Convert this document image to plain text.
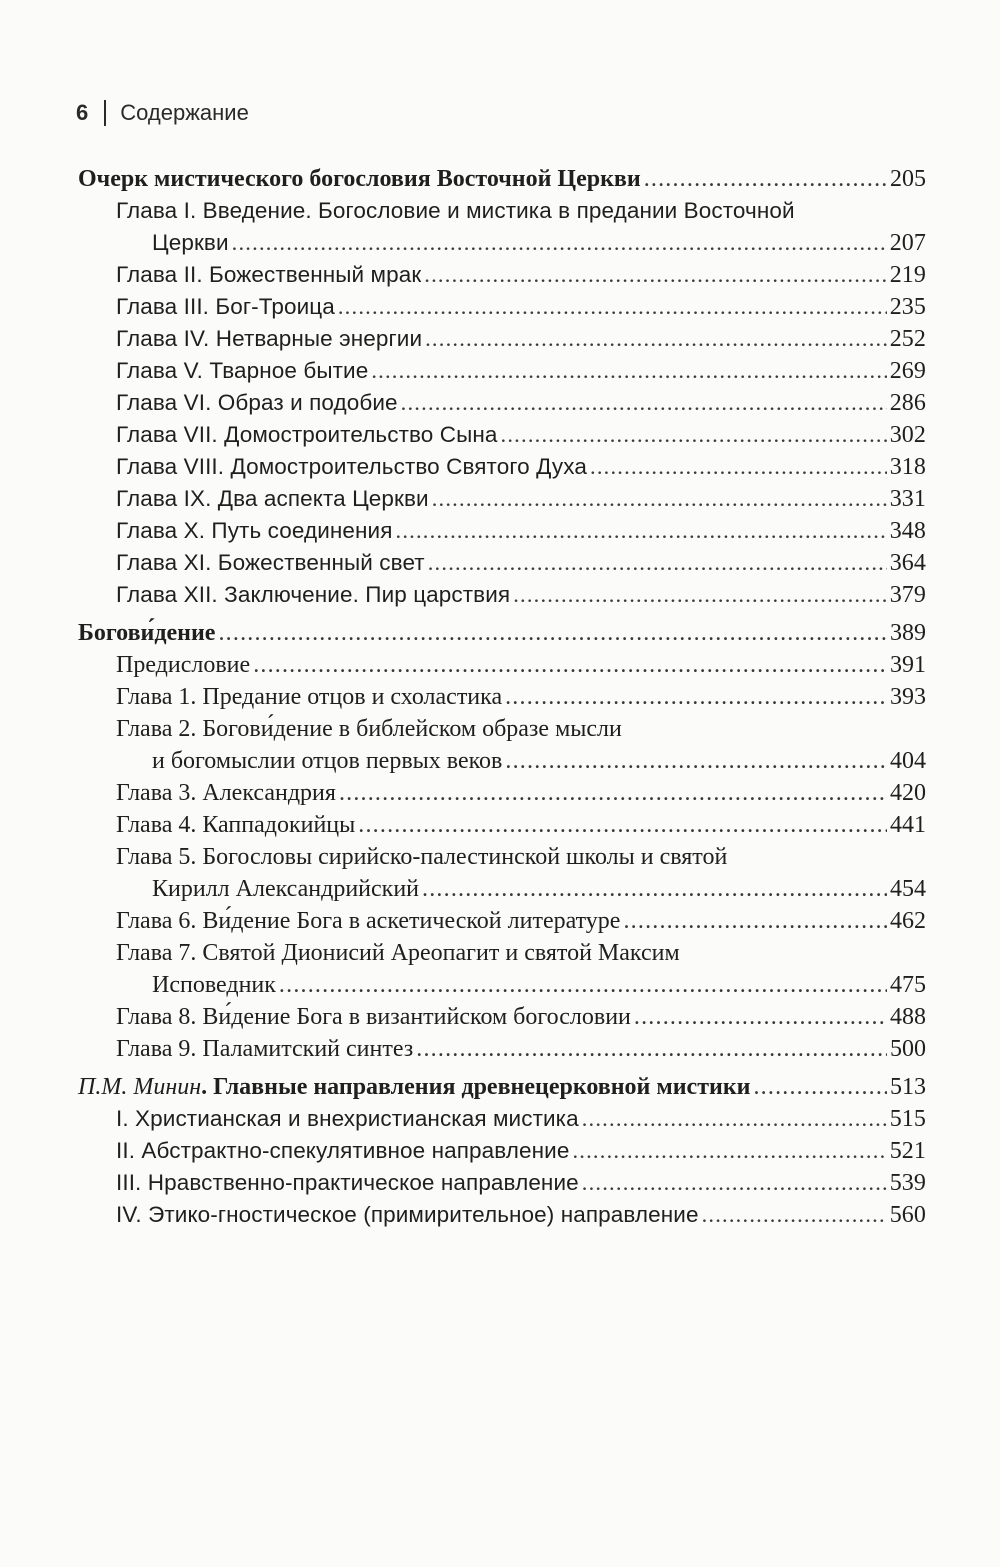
6 Содержание
Очерк мистического богословия Восточной Церкви .....	205
Глава I. Введение. Богословие и мистика в предании Восточной
Церкви .....	207
Глава II. Божественный мрак .....	219
Глава III. Бог-Троица .....	235
Глава IV. Нетварные энергии .....	252
Глава V. Тварное бытие .....	269
Глава VI. Образ и подобие .....	286
Глава VII. Домостроительство Сына .....	302
Глава VIII. Домостроительство Святого Духа .....	318
Глава IX. Два аспекта Церкви .....	331
Глава X. Путь соединения .....	348
Глава XI. Божественный свет .....	364
Глава XII. Заключение. Пир царствия .....	379
Богови́дение .....	389
Предисловие .....	391
Глава 1. Предание отцов и схоластика .....	393
Глава 2. Богови́дение в библейском образе мысли
и богомыслии отцов первых веков .....	404
Глава 3. Александрия .....	420
Глава 4. Каппадокийцы .....	441
Глава 5. Богословы сирийско-палестинской школы и святой
Кирилл Александрийский .....	454
Глава 6. Ви́дение Бога в аскетической литературе .....	462
Глава 7. Святой Дионисий Ареопагит и святой Максим
Исповедник .....	475
Глава 8. Ви́дение Бога в византийском богословии .....	488
Глава 9. Паламитский синтез .....	500
П.М. Минин. Главные направления древнецерковной мистики .....	513
I. Христианская и внехристианская мистика .....	515
II. Абстрактно-спекулятивное направление .....	521
III. Нравственно-практическое направление .....	539
IV. Этико-гностическое (примирительное) направление .....	560
